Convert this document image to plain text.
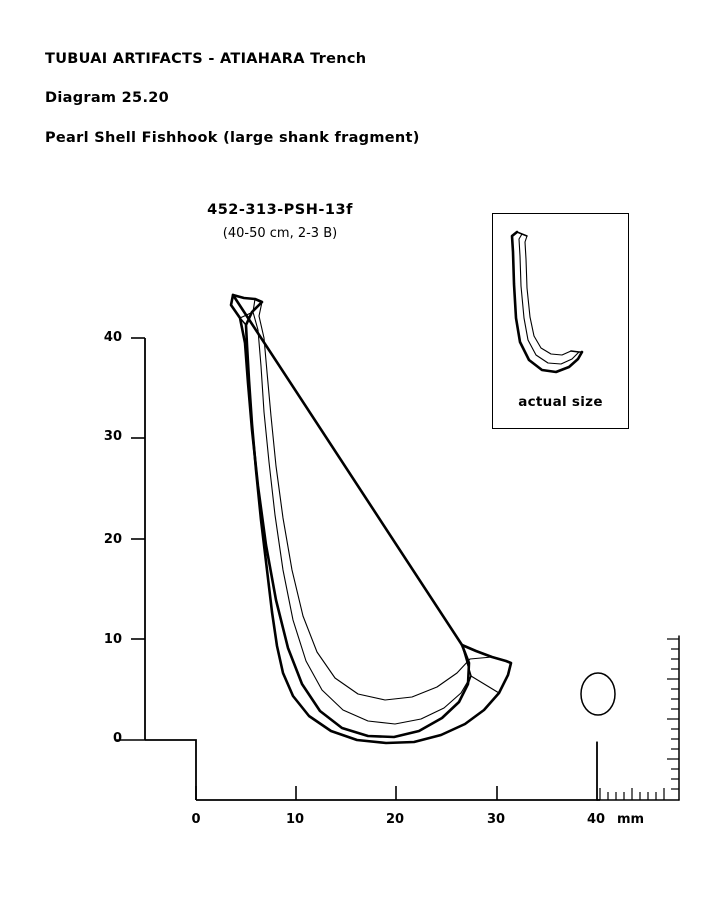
TUBUAI ARTIFACTS - ATIAHARA Trench
Diagram 25.20
Pearl Shell Fishhook (large shank fragment)
452-313-PSH-13f
(40-50 cm, 2-3 B)
actual size
40
30
20
10
0
0	10	20	30	40 mm
